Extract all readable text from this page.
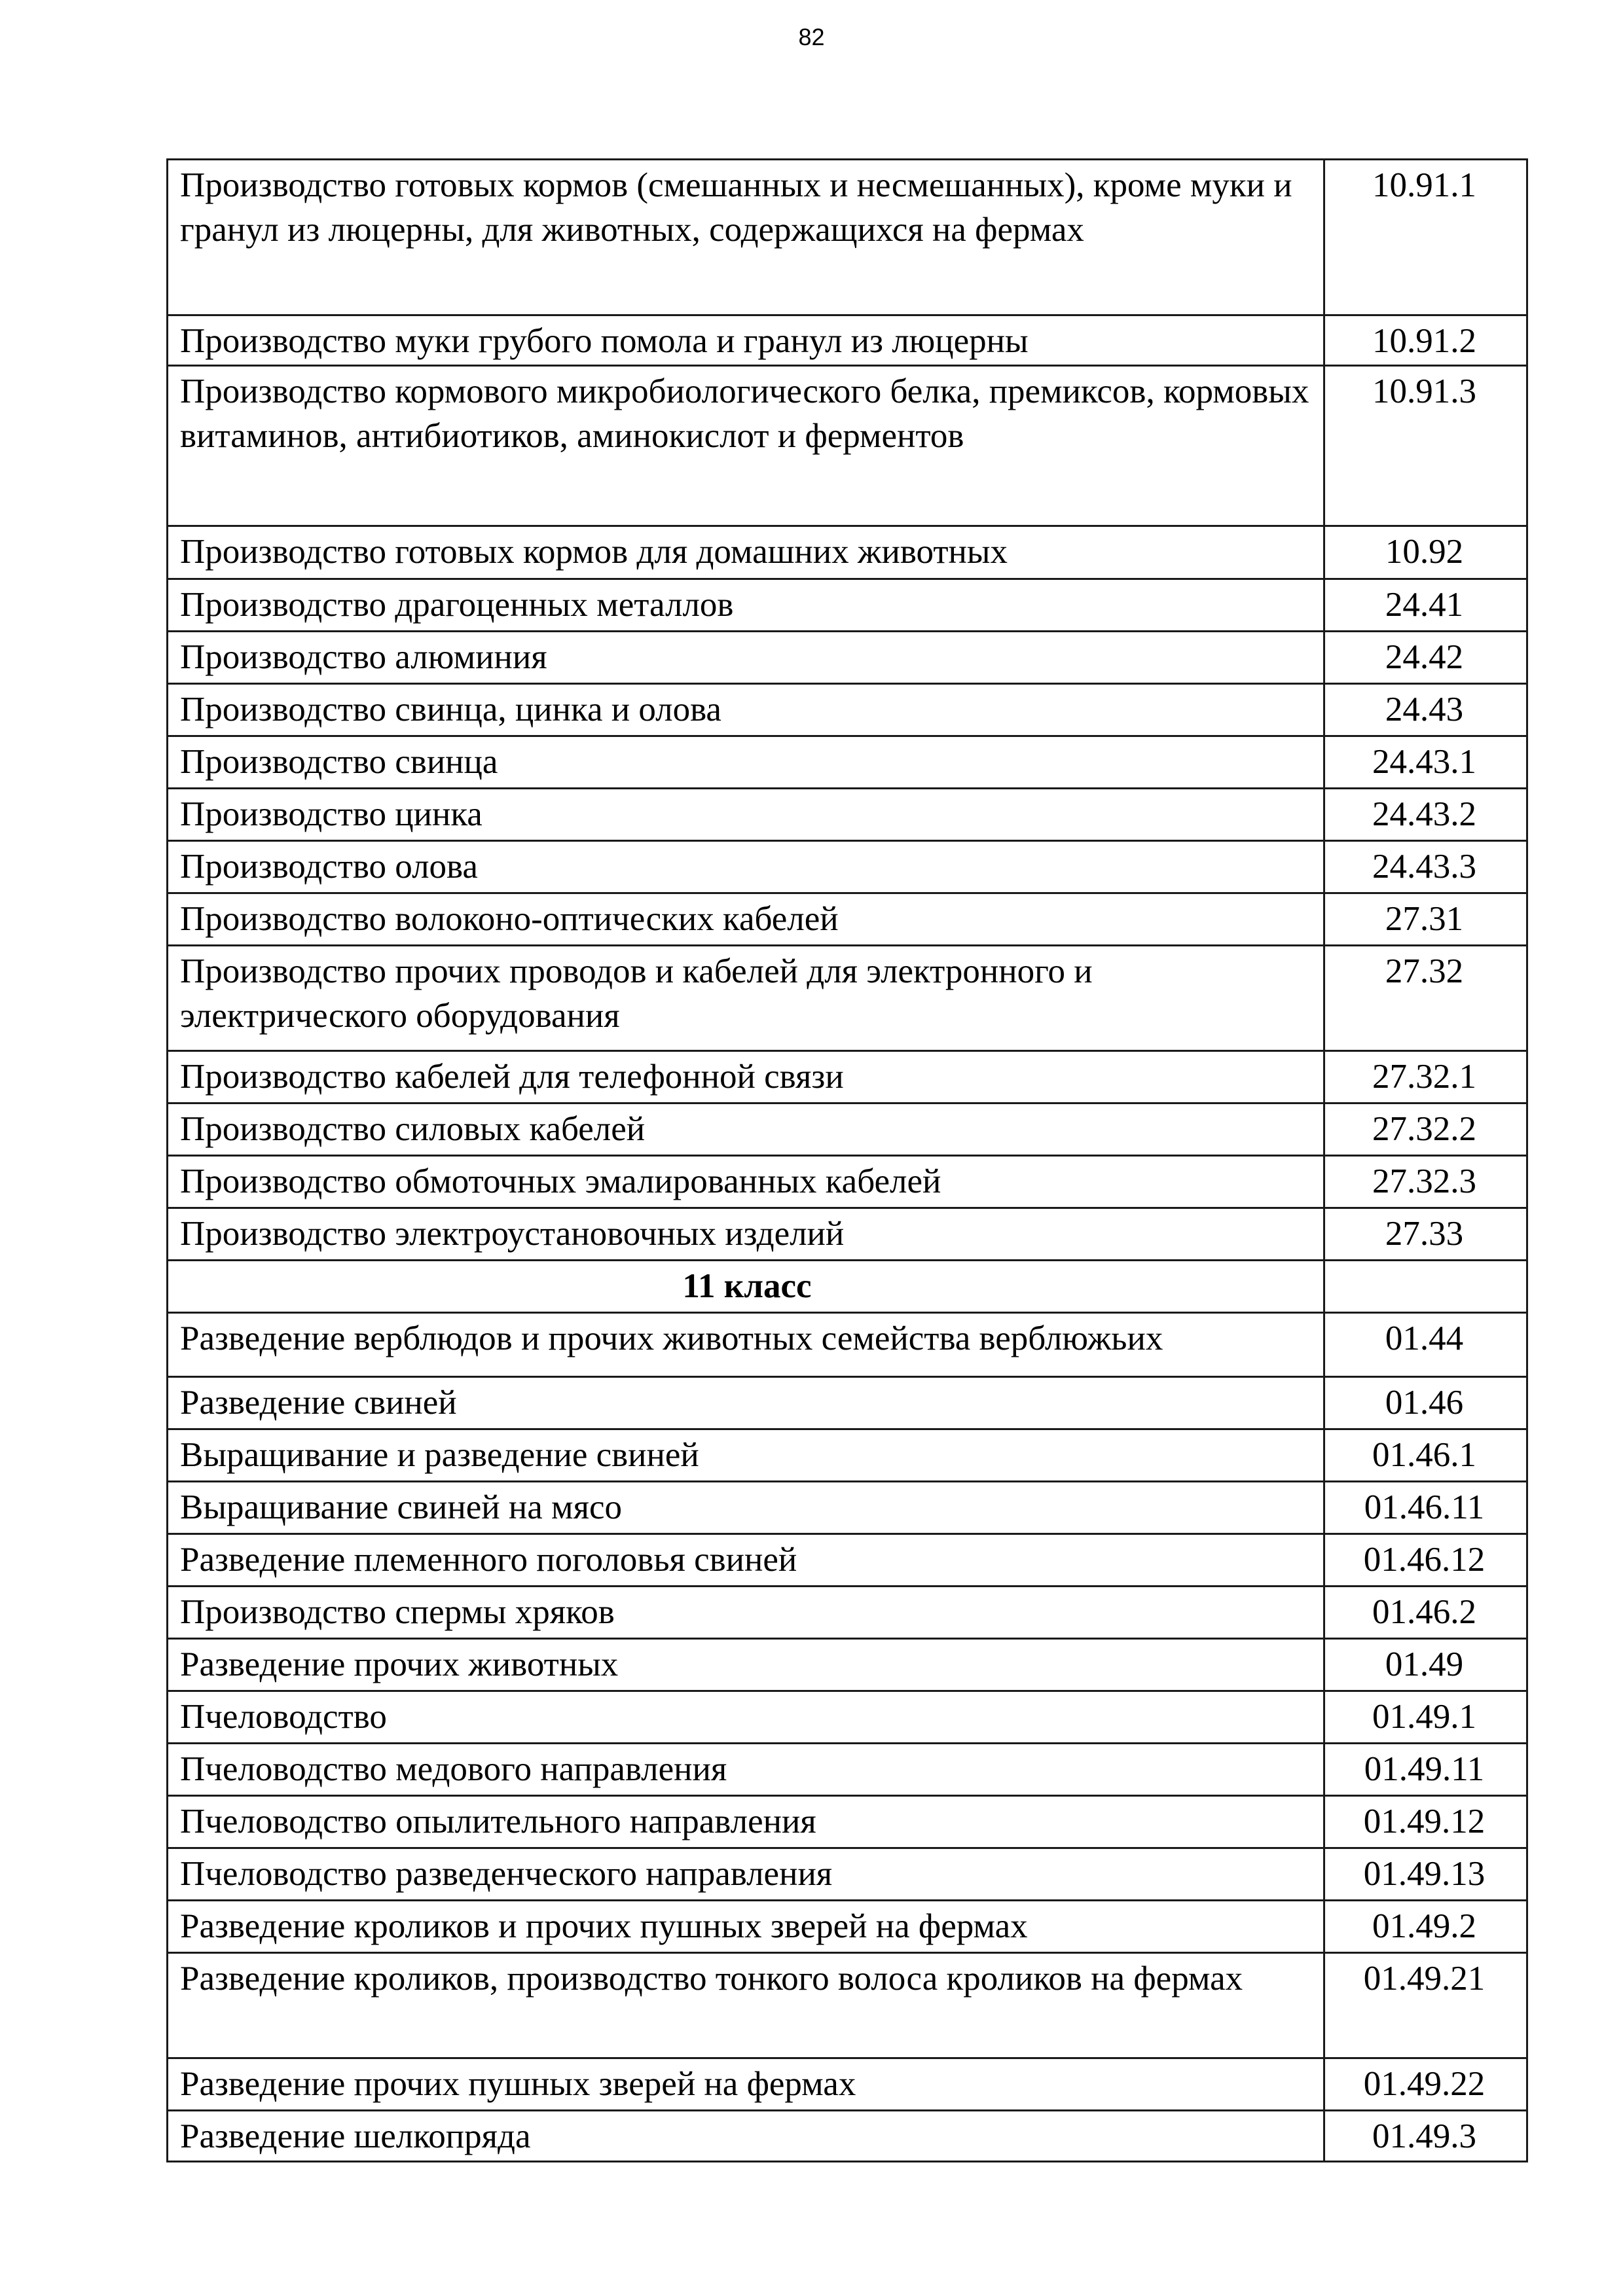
82
Производство готовых кормов (смешанных и несмешанных), кроме муки и гранул из люцерны, для животных, содержащихся на фермах	10.91.1
Производство муки грубого помола и гранул из люцерны	10.91.2
Производство кормового микробиологического белка, премиксов, кормовых витаминов, антибиотиков, аминокислот и ферментов	10.91.3
Производство готовых кормов для домашних животных	10.92
Производство драгоценных металлов	24.41
Производство алюминия	24.42
Производство свинца, цинка и олова	24.43
Производство свинца	24.43.1
Производство цинка	24.43.2
Производство олова	24.43.3
Производство волоконо-оптических кабелей	27.31
Производство прочих проводов и кабелей для электронного и электрического оборудования	27.32
Производство кабелей для телефонной связи	27.32.1
Производство силовых кабелей	27.32.2
Производство обмоточных эмалированных кабелей	27.32.3
Производство электроустановочных изделий	27.33
11 класс	
Разведение верблюдов и прочих животных семейства верблюжьих	01.44
Разведение свиней	01.46
Выращивание и разведение свиней	01.46.1
Выращивание свиней на мясо	01.46.11
Разведение племенного поголовья свиней	01.46.12
Производство спермы хряков	01.46.2
Разведение прочих животных	01.49
Пчеловодство	01.49.1
Пчеловодство медового направления	01.49.11
Пчеловодство опылительного направления	01.49.12
Пчеловодство разведенческого направления	01.49.13
Разведение кроликов и прочих пушных зверей на фермах	01.49.2
Разведение кроликов, производство тонкого волоса кроликов на фермах	01.49.21
Разведение прочих пушных зверей на фермах	01.49.22
Разведение шелкопряда	01.49.3
